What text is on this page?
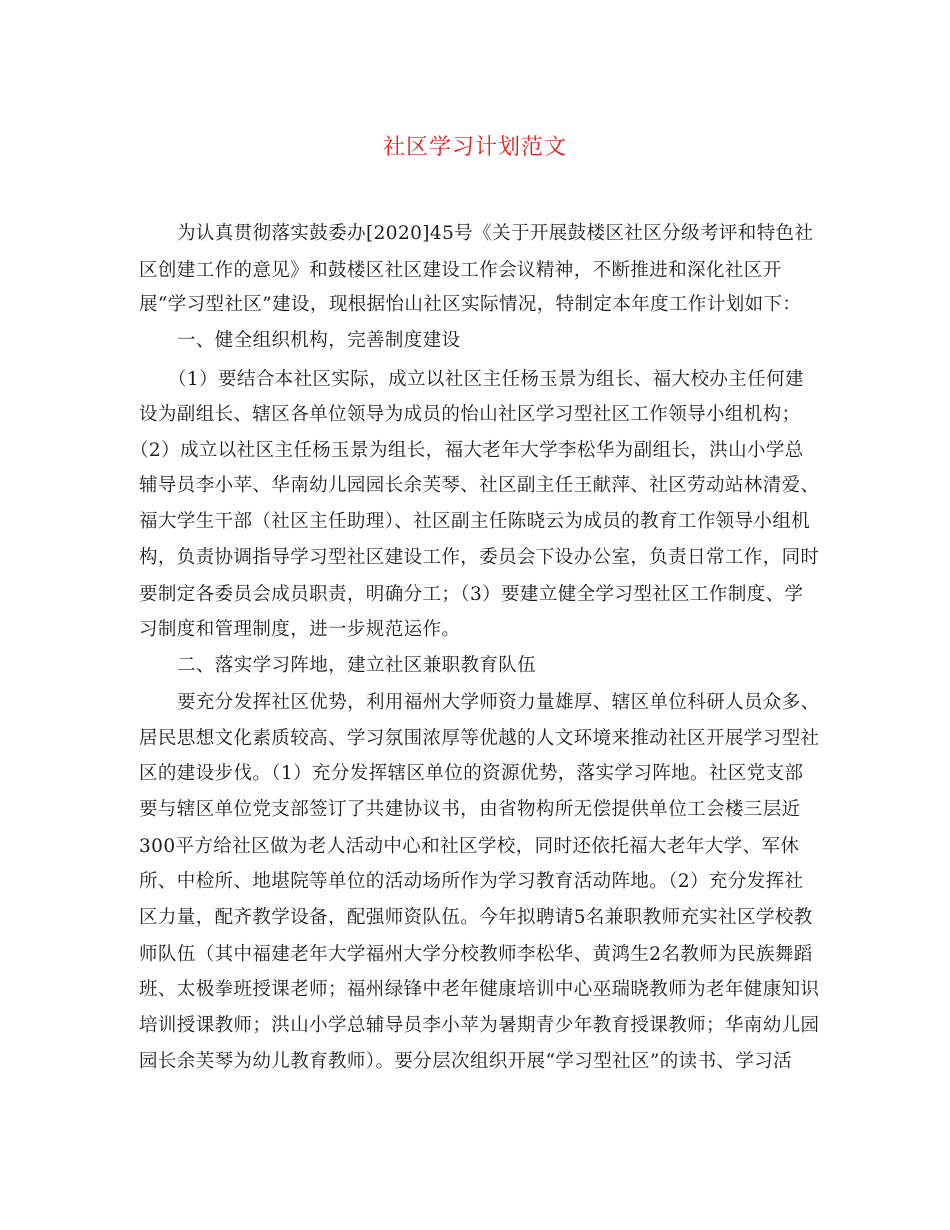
社区学习计划范文
为认真贯彻落实鼓委办[2020]45号《关于开展鼓楼区社区分级考评和特色社
区创建工作的意见》和鼓楼区社区建设工作会议精神，不断推进和深化社区开
展“学习型社区”建设，现根据怡山社区实际情况，特制定本年度工作计划如下：
一、健全组织机构，完善制度建设
（1）要结合本社区实际，成立以社区主任杨玉景为组长、福大校办主任何建
设为副组长、辖区各单位领导为成员的怡山社区学习型社区工作领导小组机构；
（2）成立以社区主任杨玉景为组长，福大老年大学李松华为副组长，洪山小学总
辅导员李小苹、华南幼儿园园长余芙琴、社区副主任王献萍、社区劳动站林清爱、
福大学生干部（社区主任助理）、社区副主任陈晓云为成员的教育工作领导小组机
构，负责协调指导学习型社区建设工作，委员会下设办公室，负责日常工作，同时
要制定各委员会成员职责，明确分工；（3）要建立健全学习型社区工作制度、学
习制度和管理制度，进一步规范运作。
二、落实学习阵地，建立社区兼职教育队伍
要充分发挥社区优势，利用福州大学师资力量雄厚、辖区单位科研人员众多、
居民思想文化素质较高、学习氛围浓厚等优越的人文环境来推动社区开展学习型社
区的建设步伐。（1）充分发挥辖区单位的资源优势，落实学习阵地。社区党支部
要与辖区单位党支部签订了共建协议书，由省物构所无偿提供单位工会楼三层近
300平方给社区做为老人活动中心和社区学校，同时还依托福大老年大学、军休
所、中检所、地堪院等单位的活动场所作为学习教育活动阵地。（2）充分发挥社
区力量，配齐教学设备，配强师资队伍。今年拟聘请5名兼职教师充实社区学校教
师队伍（其中福建老年大学福州大学分校教师李松华、黄鸿生2名教师为民族舞蹈
班、太极拳班授课老师；福州绿锋中老年健康培训中心巫瑞晓教师为老年健康知识
培训授课教师；洪山小学总辅导员李小苹为暑期青少年教育授课教师；华南幼儿园
园长余芙琴为幼儿教育教师）。要分层次组织开展“学习型社区”的读书、学习活
